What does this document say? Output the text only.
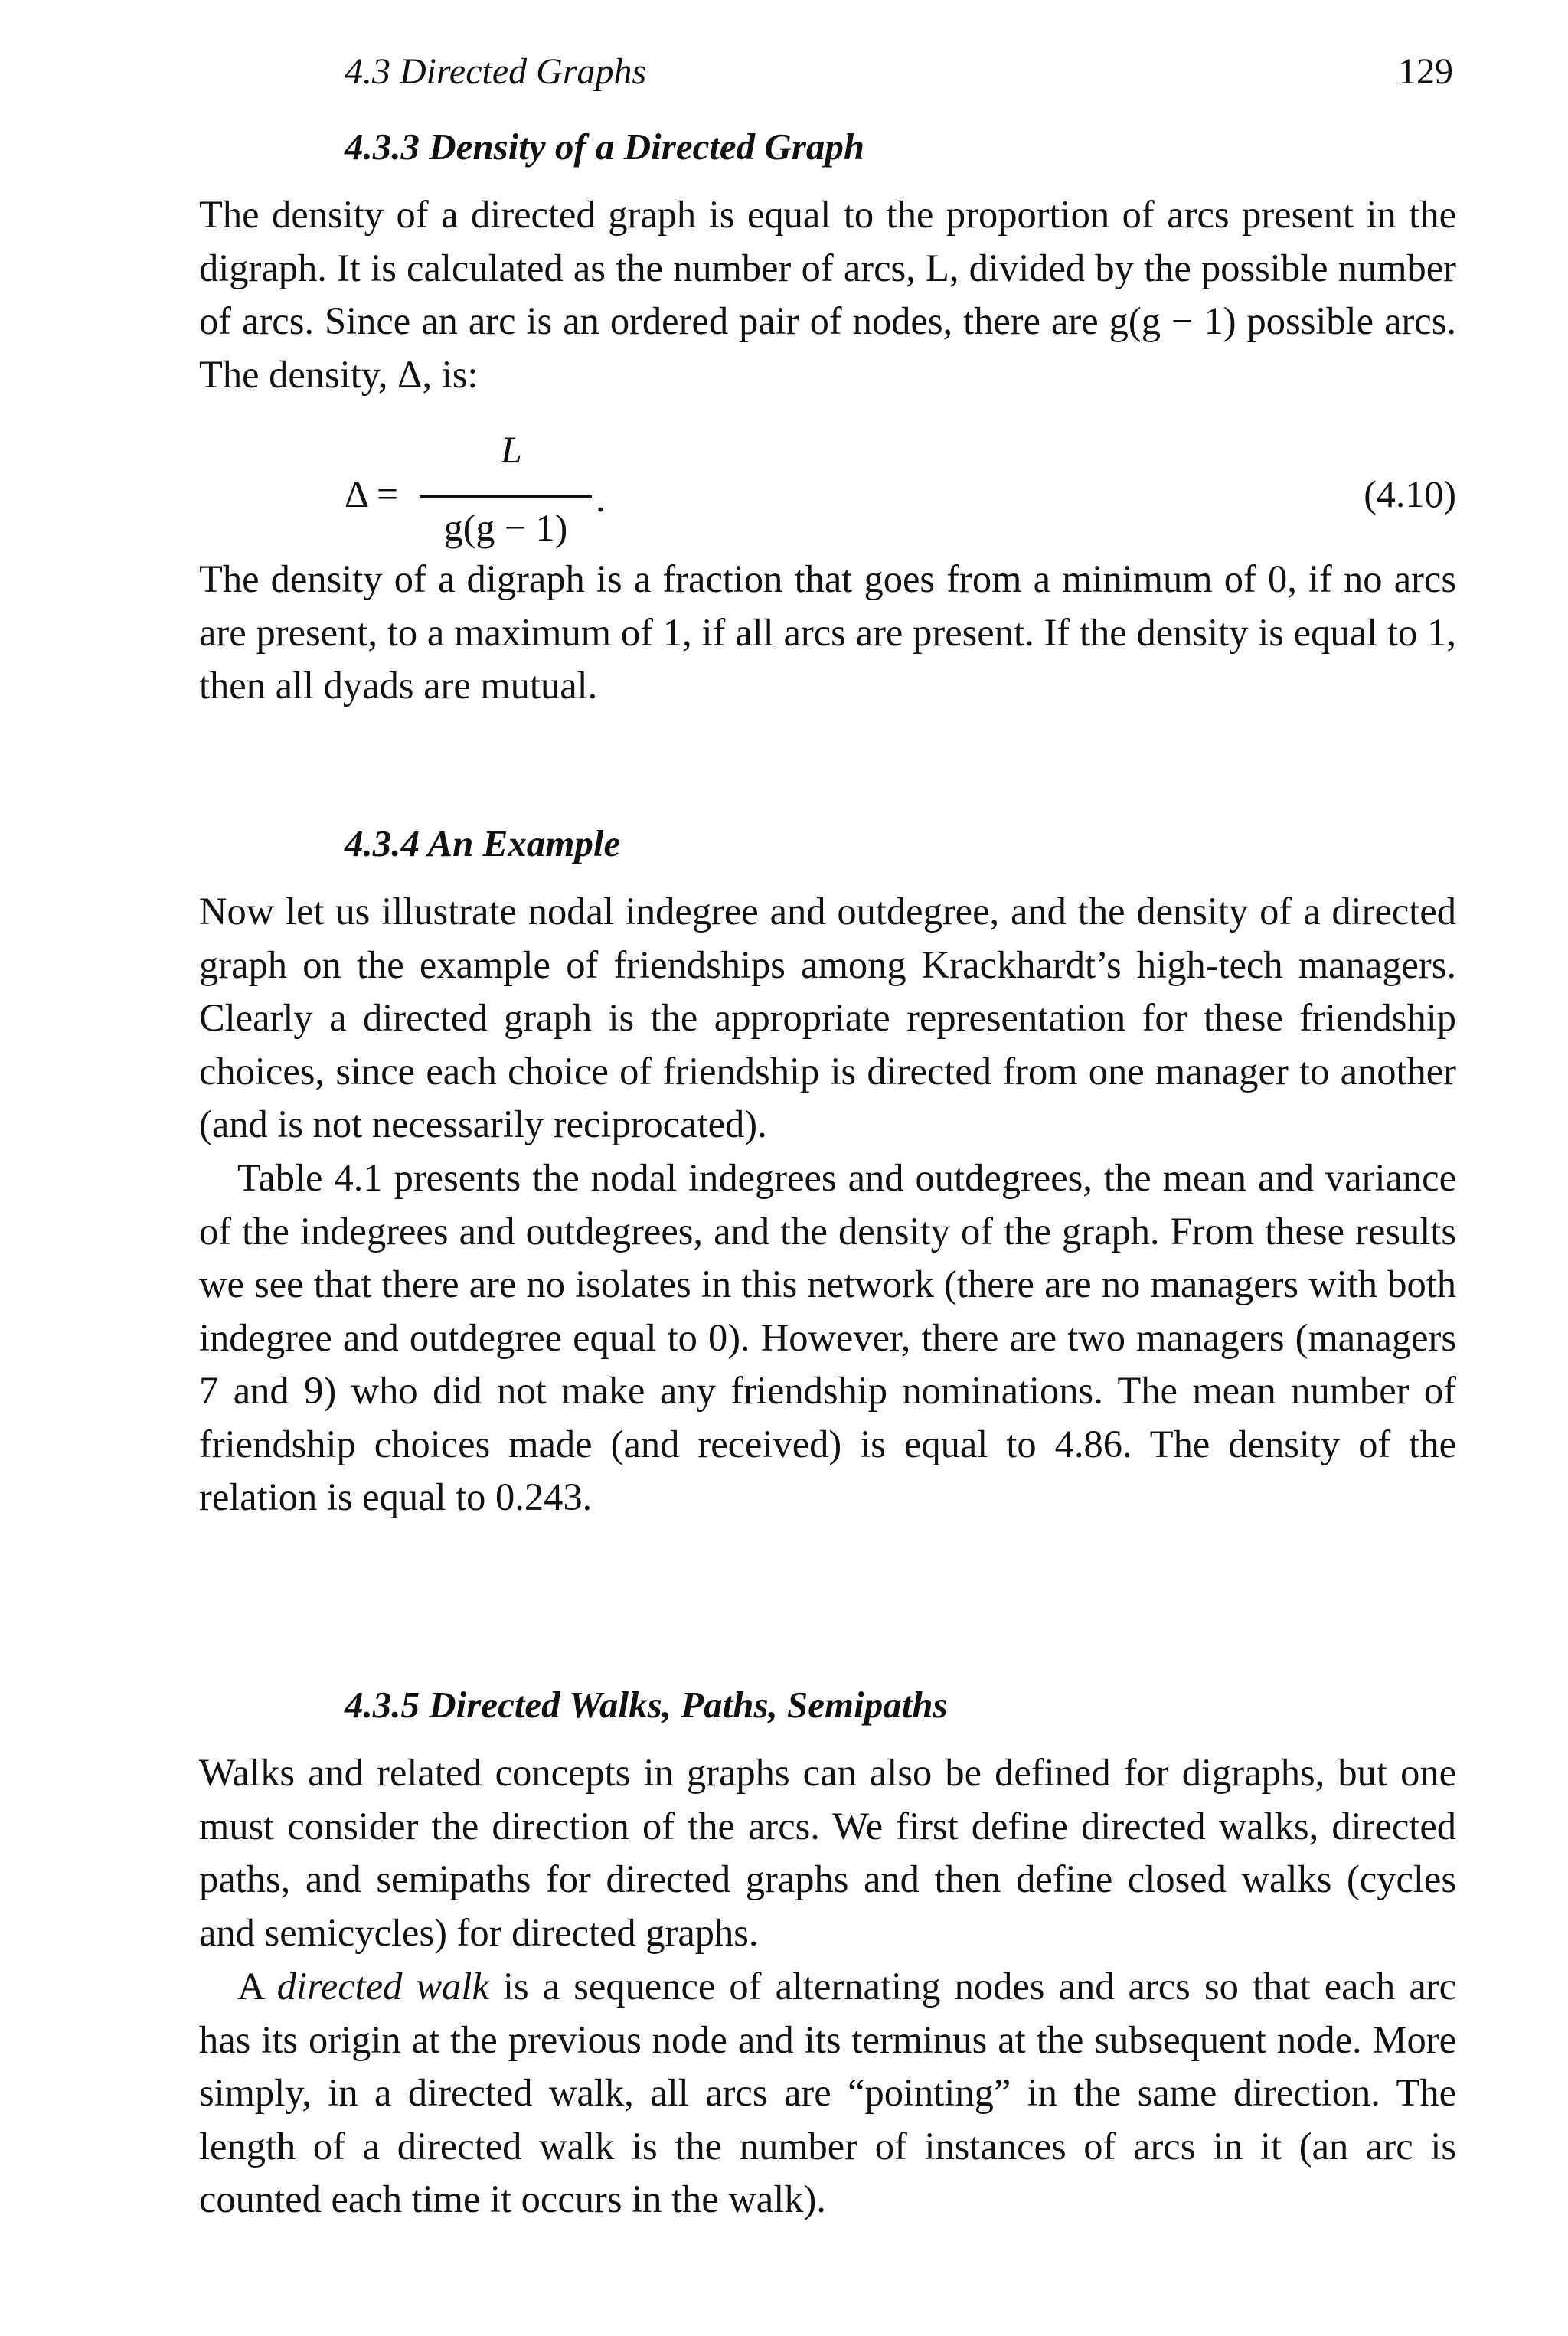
4.3 Directed Graphs	129
4.3.3 Density of a Directed Graph

The density of a directed graph is equal to the proportion of arcs present in the digraph. It is calculated as the number of arcs, L, divided by the possible number of arcs. Since an arc is an ordered pair of nodes, there are g(g − 1) possible arcs. The density, Δ, is:

Δ =
L
g(g − 1)
.	(4.10)

The density of a digraph is a fraction that goes from a minimum of 0, if no arcs are present, to a maximum of 1, if all arcs are present. If the density is equal to 1, then all dyads are mutual.

4.3.4 An Example

Now let us illustrate nodal indegree and outdegree, and the density of a directed graph on the example of friendships among Krackhardt’s high-tech managers. Clearly a directed graph is the appropriate representation for these friendship choices, since each choice of friendship is directed from one manager to another (and is not necessarily reciprocated).

Table 4.1 presents the nodal indegrees and outdegrees, the mean and variance of the indegrees and outdegrees, and the density of the graph. From these results we see that there are no isolates in this network (there are no managers with both indegree and outdegree equal to 0). However, there are two managers (managers 7 and 9) who did not make any friendship nominations. The mean number of friendship choices made (and received) is equal to 4.86. The density of the relation is equal to 0.243.

4.3.5 Directed Walks, Paths, Semipaths

Walks and related concepts in graphs can also be defined for digraphs, but one must consider the direction of the arcs. We first define directed walks, directed paths, and semipaths for directed graphs and then define closed walks (cycles and semicycles) for directed graphs.

A directed walk is a sequence of alternating nodes and arcs so that each arc has its origin at the previous node and its terminus at the subsequent node. More simply, in a directed walk, all arcs are “pointing” in the same direction. The length of a directed walk is the number of instances of arcs in it (an arc is counted each time it occurs in the walk).
